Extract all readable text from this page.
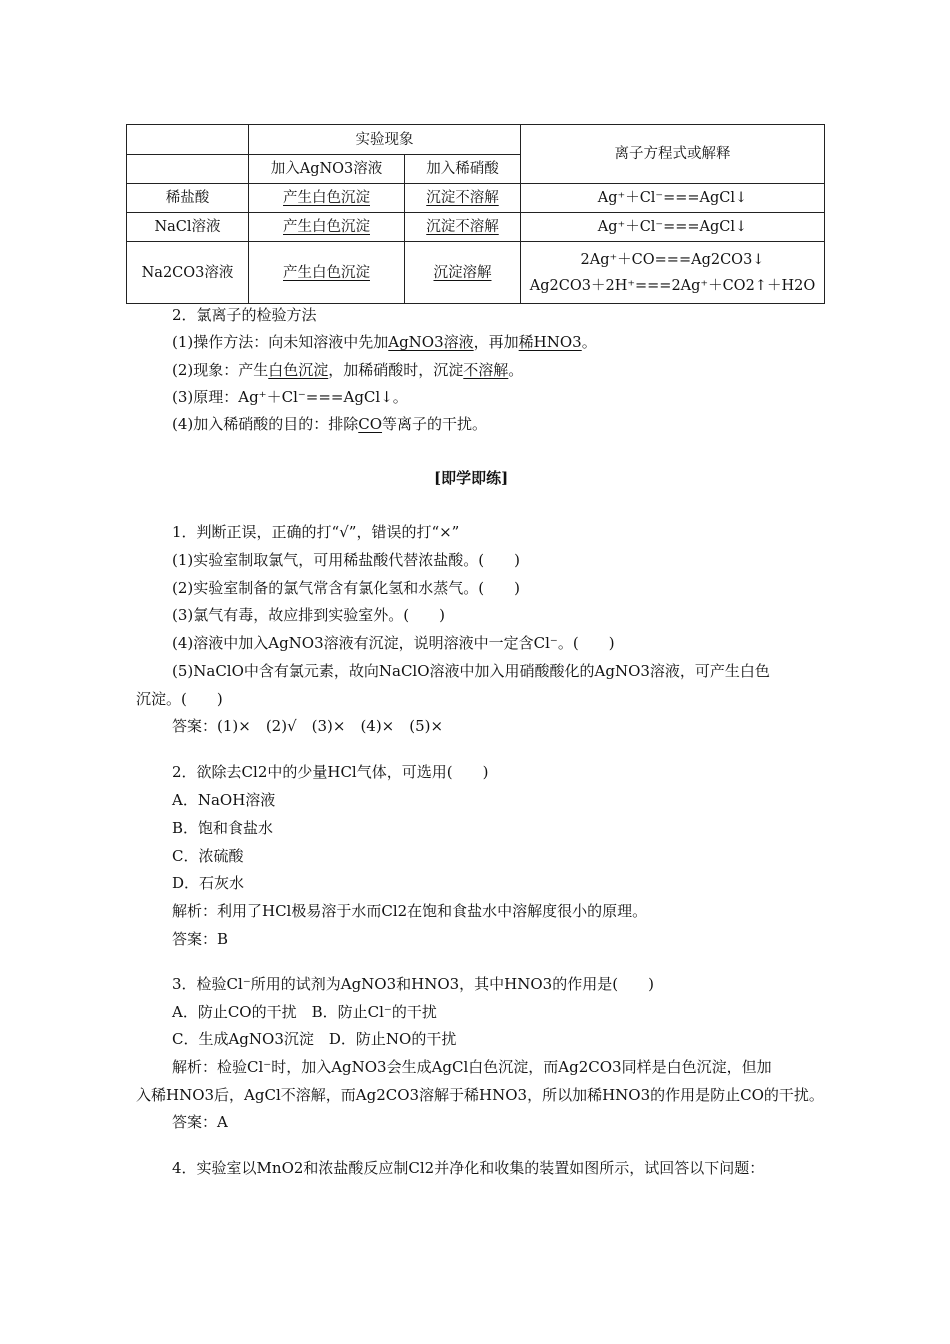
	实验现象		离子方程式或解释
	加入AgNO3溶液	加入稀硝酸	
稀盐酸	产生白色沉淀	沉淀不溶解	Ag⁺＋Cl⁻===AgCl↓
NaCl溶液	产生白色沉淀	沉淀不溶解	Ag⁺＋Cl⁻===AgCl↓
Na2CO3溶液	产生白色沉淀	沉淀溶解	2Ag⁺＋CO===Ag2CO3↓
Ag2CO3＋2H⁺===2Ag⁺＋CO2↑＋H2O
2．氯离子的检验方法
(1)操作方法：向未知溶液中先加AgNO3溶液，再加稀HNO3。
(2)现象：产生白色沉淀，加稀硝酸时，沉淀不溶解。
(3)原理：Ag⁺＋Cl⁻===AgCl↓。
(4)加入稀硝酸的目的：排除CO等离子的干扰。
[即学即练]
1．判断正误，正确的打“√”，错误的打“×”
(1)实验室制取氯气，可用稀盐酸代替浓盐酸。(　　)
(2)实验室制备的氯气常含有氯化氢和水蒸气。(　　)
(3)氯气有毒，故应排到实验室外。(　　)
(4)溶液中加入AgNO3溶液有沉淀，说明溶液中一定含Cl⁻。(　　)
(5)NaClO中含有氯元素，故向NaClO溶液中加入用硝酸酸化的AgNO3溶液，可产生白色
沉淀。(　　)
答案：(1)×　(2)√　(3)×　(4)×　(5)×
2．欲除去Cl2中的少量HCl气体，可选用(　　)
A．NaOH溶液
B．饱和食盐水
C．浓硫酸
D．石灰水
解析：利用了HCl极易溶于水而Cl2在饱和食盐水中溶解度很小的原理。
答案：B
3．检验Cl⁻所用的试剂为AgNO3和HNO3，其中HNO3的作用是(　　)
A．防止CO的干扰　B．防止Cl⁻的干扰
C．生成AgNO3沉淀　D．防止NO的干扰
解析：检验Cl⁻时，加入AgNO3会生成AgCl白色沉淀，而Ag2CO3同样是白色沉淀，但加
入稀HNO3后，AgCl不溶解，而Ag2CO3溶解于稀HNO3，所以加稀HNO3的作用是防止CO的干扰。
答案：A
4．实验室以MnO2和浓盐酸反应制Cl2并净化和收集的装置如图所示，试回答以下问题：
